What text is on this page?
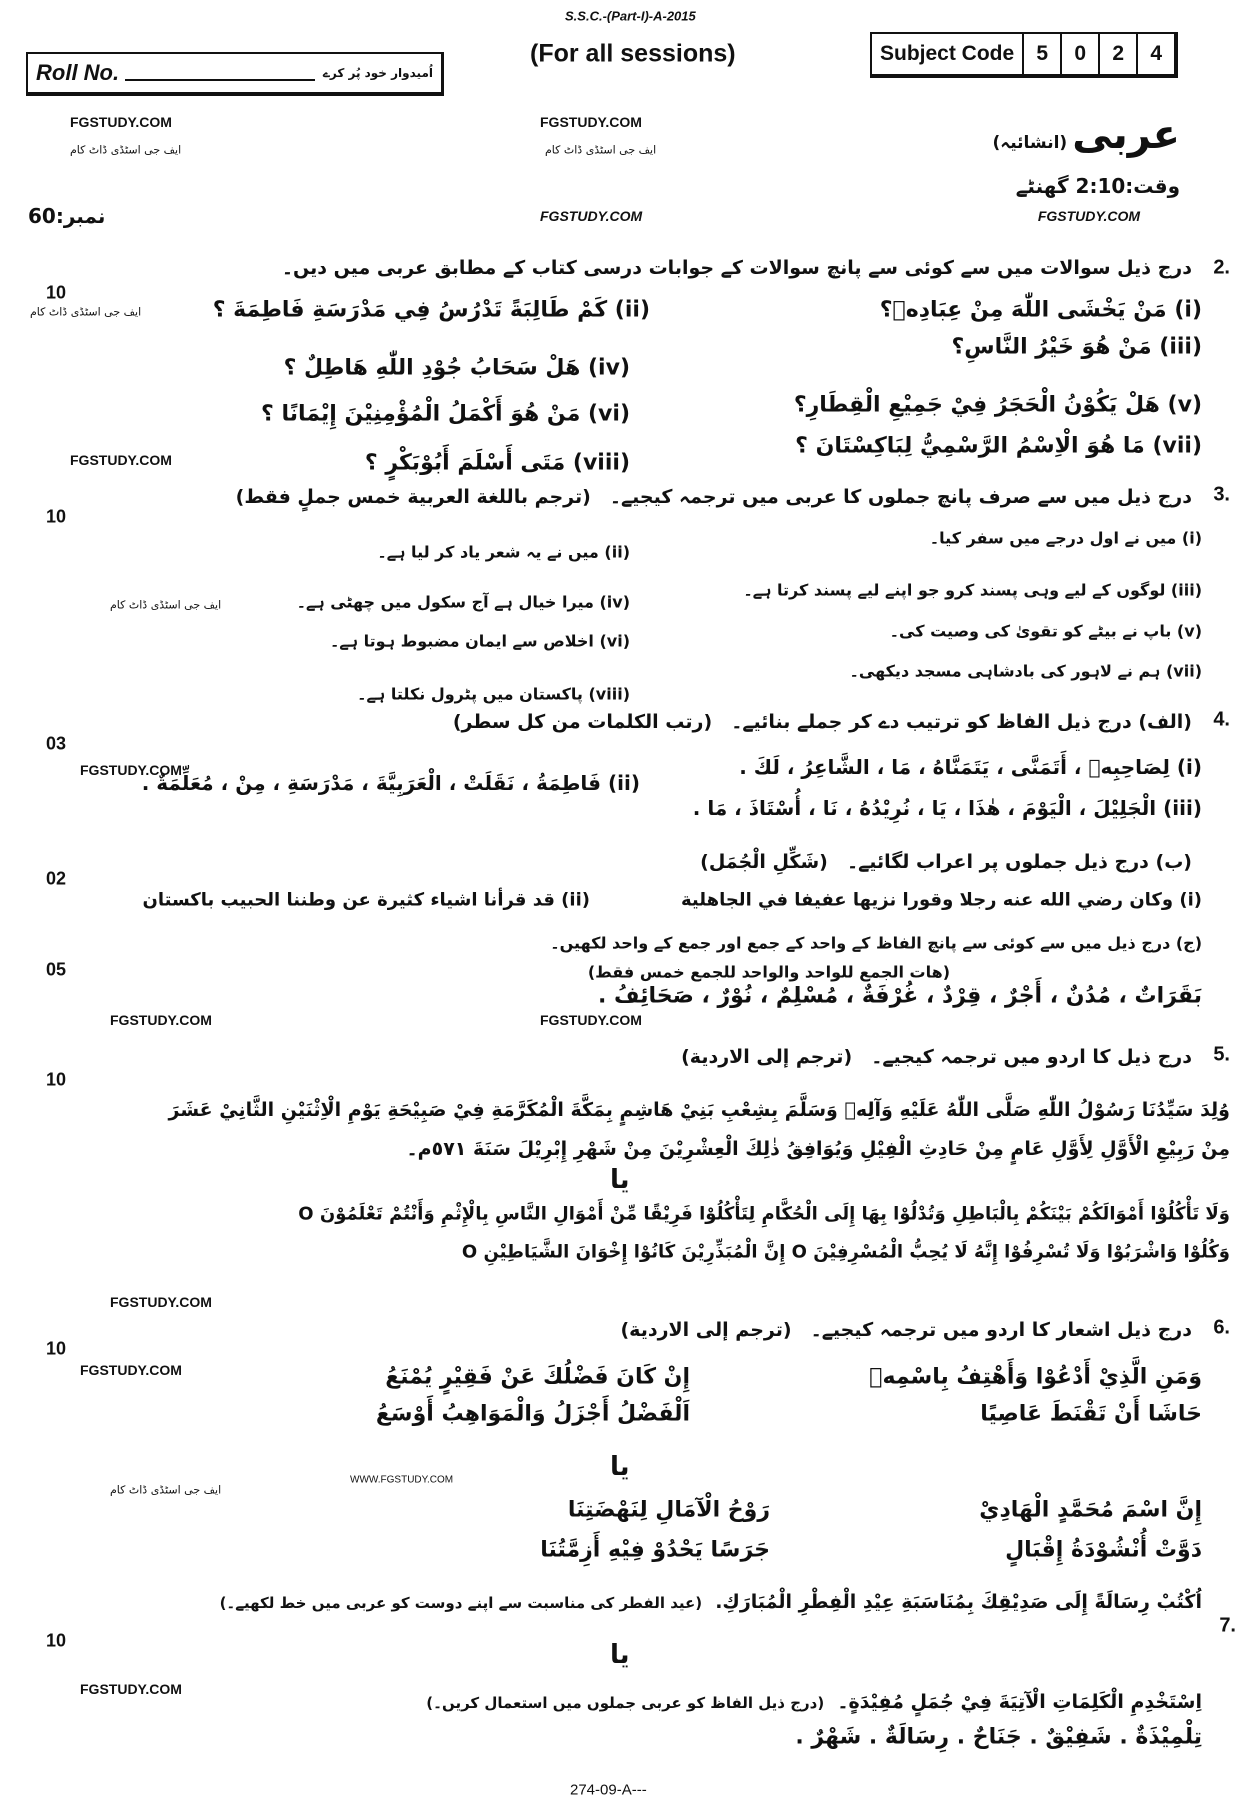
S.S.C.-(Part-I)-A-2015
(For all sessions)
Roll No.	اُمیدوار خود پُر کرے
Subject Code	5	0	2	4
FGSTUDY.COM
ایف جی اسٹڈی ڈاٹ کام
FGSTUDY.COM
ایف جی اسٹڈی ڈاٹ کام	عربی (انشائیہ)
وقت:2:10 گھنٹے
نمبر:60	FGSTUDY.COM	FGSTUDY.COM
2.
درج ذیل سوالات میں سے کوئی سے پانچ سوالات کے جوابات درسی کتاب کے مطابق عربی میں دیں۔
10
ایف جی اسٹڈی ڈاٹ کام	(i) مَنْ يَخْشَى اللّٰهَ مِنْ عِبَادِهٖ؟
(ii) كَمْ طَالِبَةً تَدْرُسُ فِي مَدْرَسَةِ فَاطِمَةَ ؟
(iii) مَنْ هُوَ خَيْرُ النَّاسِ؟
(iv) هَلْ سَحَابُ جُوْدِ اللّٰهِ هَاطِلٌ ؟
(v) هَلْ يَكُوْنُ الْحَجَرُ فِيْ جَمِيْعِ الْقِطَارِ؟
(vi) مَنْ هُوَ أَكْمَلُ الْمُؤْمِنِيْنَ إِيْمَانًا ؟
(vii) مَا هُوَ الْاِسْمُ الرَّسْمِيُّ لِبَاكِسْتَانَ ؟
(viii) مَتَى أَسْلَمَ أَبُوْبَكْرٍ ؟
FGSTUDY.COM
3.
درج ذیل میں سے صرف پانچ جملوں کا عربی میں ترجمہ کیجیے۔ (ترجم باللغة العربية خمس جملٍ فقط)
10
(i) میں نے اول درجے میں سفر کیا۔
(ii) میں نے یہ شعر یاد کر لیا ہے۔
(iii) لوگوں کے لیے وہی پسند کرو جو اپنے لیے پسند کرتا ہے۔
(iv) میرا خیال ہے آج سکول میں چھٹی ہے۔
ایف جی اسٹڈی ڈاٹ کام
(v) باپ نے بیٹے کو تقویٰ کی وصیت کی۔
(vi) اخلاص سے ایمان مضبوط ہوتا ہے۔
(vii) ہم نے لاہور کی بادشاہی مسجد دیکھی۔
(viii) پاکستان میں پٹرول نکلتا ہے۔
4.
(الف) درج ذیل الفاظ کو ترتیب دے کر جملے بنائیے۔ (رتب الكلمات من كل سطر)
03
FGSTUDY.COM	(i) لِصَاحِبِهٖ ، أَتَمَنَّى ، يَتَمَنَّاهُ ، مَا ، الشَّاعِرُ ، لَكَ .
(ii) فَاطِمَةُ ، نَقَلَتْ ، الْعَرَبِيَّةَ ، مَدْرَسَةِ ، مِنْ ، مُعَلِّمَةٌ .
(iii) الْجَلِيْلَ ، الْيَوْمَ ، هٰذَا ، يَا ، نُرِيْدُهُ ، نَا ، أُسْتَاذَ ، مَا .
(ب) درج ذیل جملوں پر اعراب لگائیے۔ (شَكِّلِ الْجُمَل)
02
(i) وكان رضي الله عنه رجلا وقورا نزيها عفيفا في الجاهلية
(ii) قد قرأنا اشياء كثيرة عن وطننا الحبيب باكستان
(ج) درج ذیل میں سے کوئی سے پانچ الفاظ کے واحد کے جمع اور جمع کے واحد لکھیں۔
(هات الجمع للواحد والواحد للجمع خمس فقط)
05
بَقَرَاتٌ ، مُدُنٌ ، أَجْرٌ ، قِرْدٌ ، غُرْفَةٌ ، مُسْلِمٌ ، نُوْرٌ ، صَحَائِفُ .
FGSTUDY.COM	FGSTUDY.COM
5.
درج ذیل کا اردو میں ترجمہ کیجیے۔ (ترجم إلى الاردية)
10
وُلِدَ سَيِّدُنَا رَسُوْلُ اللّٰهِ صَلَّى اللّٰهُ عَلَيْهِ وَآلِهٖ وَسَلَّمَ بِشِعْبِ بَنِيْ هَاشِمٍ بِمَكَّةَ الْمُكَرَّمَةِ فِيْ صَبِيْحَةِ يَوْمِ الْاِثْنَيْنِ الثَّانِيْ عَشَرَ
مِنْ رَبِيْعِ الْأَوَّلِ لِأَوَّلِ عَامٍ مِنْ حَادِثِ الْفِيْلِ وَيُوَافِقُ ذٰلِكَ الْعِشْرِيْنَ مِنْ شَهْرِ إِبْرِيْلَ سَنَةَ ٥٧١م۔
يا
وَلَا تَأْكُلُوْا أَمْوَالَكُمْ بَيْنَكُمْ بِالْبَاطِلِ وَتُدْلُوْا بِهَا إِلَى الْحُكَّامِ لِتَأْكُلُوْا فَرِيْقًا مِّنْ أَمْوَالِ النَّاسِ بِالْإِثْمِ وَأَنْتُمْ تَعْلَمُوْنَ O
وَكُلُوْا وَاشْرَبُوْا وَلَا تُسْرِفُوْا إِنَّهُ لَا يُحِبُّ الْمُسْرِفِيْنَ O إِنَّ الْمُبَذِّرِيْنَ كَانُوْا إِخْوَانَ الشَّيَاطِيْنِ O
FGSTUDY.COM
6.
درج ذیل اشعار کا اردو میں ترجمہ کیجیے۔ (ترجم إلى الاردية)
10
وَمَنِ الَّذِيْ أَدْعُوْا وَأَهْتِفُ بِاسْمِهٖ
إِنْ كَانَ فَضْلُكَ عَنْ فَقِيْرٍ يُمْنَعُ
حَاشَا أَنْ تَقْنَطَ عَاصِيًا
اَلْفَضْلُ أَجْزَلُ وَالْمَوَاهِبُ أَوْسَعُ
FGSTUDY.COM
يا
ایف جی اسٹڈی ڈاٹ کام
WWW.FGSTUDY.COM
إِنَّ اسْمَ مُحَمَّدٍ الْهَادِيْ
رَوْحُ الْآمَالِ لِنَهْضَتِنَا
دَوَّتْ أُنْشُوْدَةُ إِقْبَالٍ
جَرَسًا يَحْدُوْ فِيْهِ أَزِمَّتُنَا
اُكْتُبْ رِسَالَةً إِلَى صَدِيْقِكَ بِمُنَاسَبَةِ عِيْدِ الْفِطْرِ الْمُبَارَكِ. (عید الفطر کی مناسبت سے اپنے دوست کو عربی میں خط لکھیے۔)
7.
10	يا
FGSTUDY.COM
اِسْتَخْدِمِ الْكَلِمَاتِ الْآتِيَةَ فِيْ جُمَلٍ مُفِيْدَةٍ۔ (درج ذیل الفاظ کو عربی جملوں میں استعمال کریں۔)
تِلْمِيْذَةٌ . شَفِيْقٌ . جَنَاحٌ . رِسَالَةٌ . شَهْرٌ .
274-09-A---
